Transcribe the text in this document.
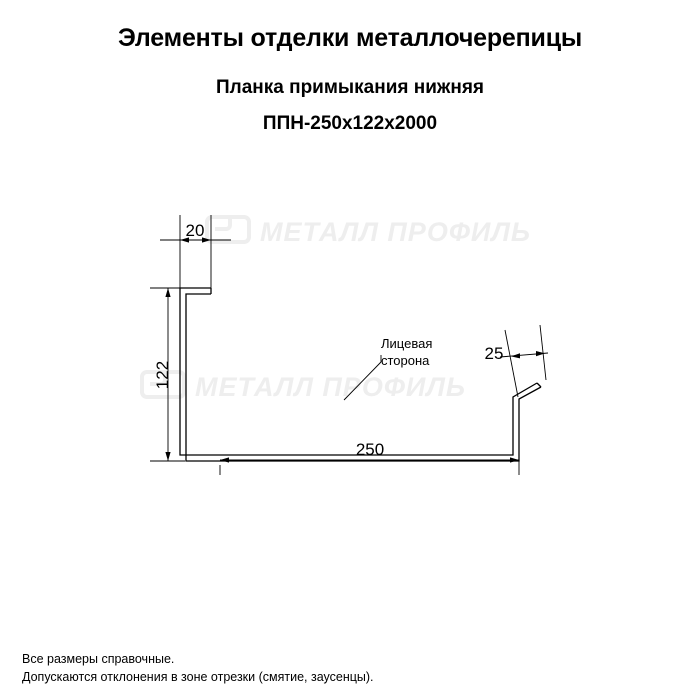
Элементы отделки металлочерепицы
Планка примыкания нижняя
ППН-250х122х2000
МЕТАЛЛ ПРОФИЛЬ
МЕТАЛЛ ПРОФИЛЬ
20
122
250
25
Лицевая
сторона
Все размеры справочные.
Допускаются отклонения в зоне отрезки (смятие, заусенцы).
